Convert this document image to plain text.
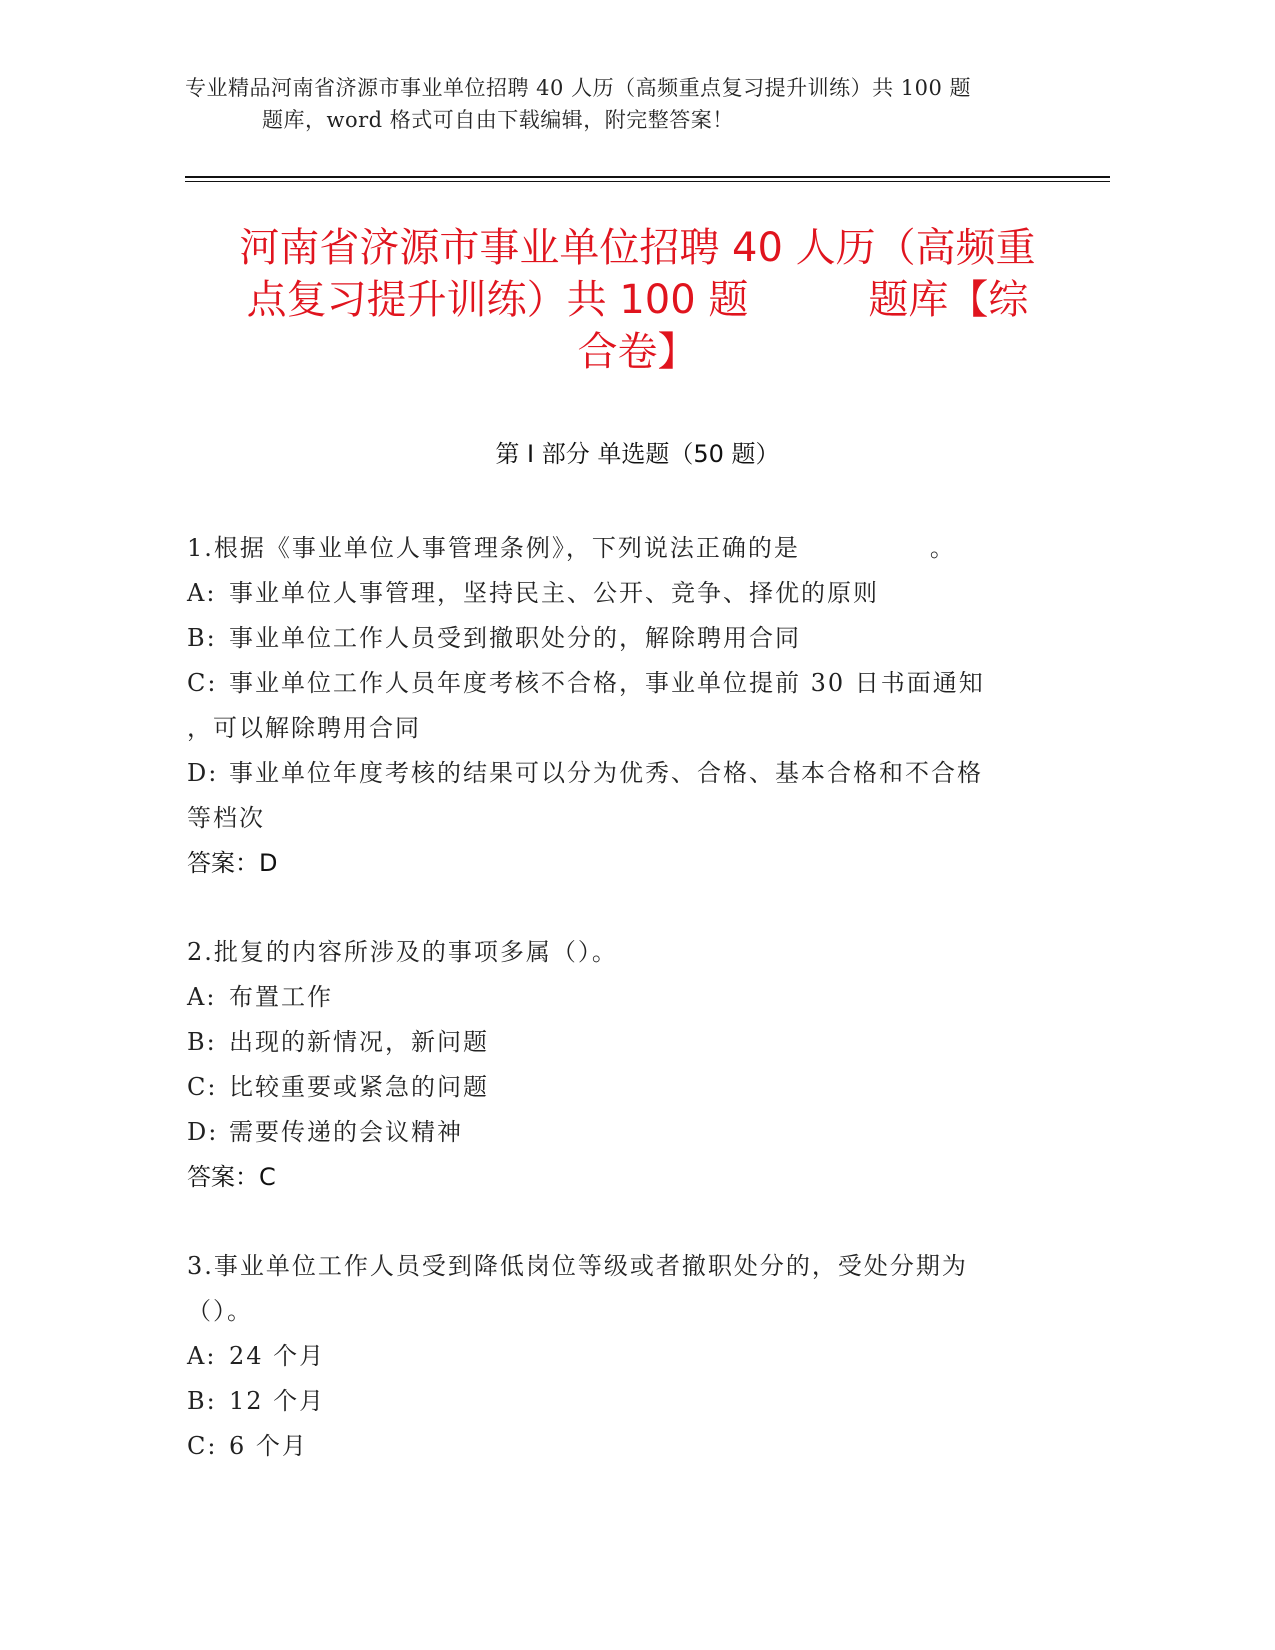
专业精品河南省济源市事业单位招聘 40 人历（高频重点复习提升训练）共 100 题
题库，word 格式可自由下载编辑，附完整答案！
河南省济源市事业单位招聘 40 人历（高频重
点复习提升训练）共 100 题　　　题库【综
合卷】
第 I 部分 单选题（50 题）
1.根据《事业单位人事管理条例》，下列说法正确的是　　　　　。
A: 事业单位人事管理，坚持民主、公开、竞争、择优的原则
B: 事业单位工作人员受到撤职处分的，解除聘用合同
C: 事业单位工作人员年度考核不合格，事业单位提前 30 日书面通知
，可以解除聘用合同
D: 事业单位年度考核的结果可以分为优秀、合格、基本合格和不合格
等档次
答案：D
2.批复的内容所涉及的事项多属（）。
A: 布置工作
B: 出现的新情况，新问题
C: 比较重要或紧急的问题
D: 需要传递的会议精神
答案：C
3.事业单位工作人员受到降低岗位等级或者撤职处分的，受处分期为
（）。
A: 24 个月
B: 12 个月
C: 6 个月
